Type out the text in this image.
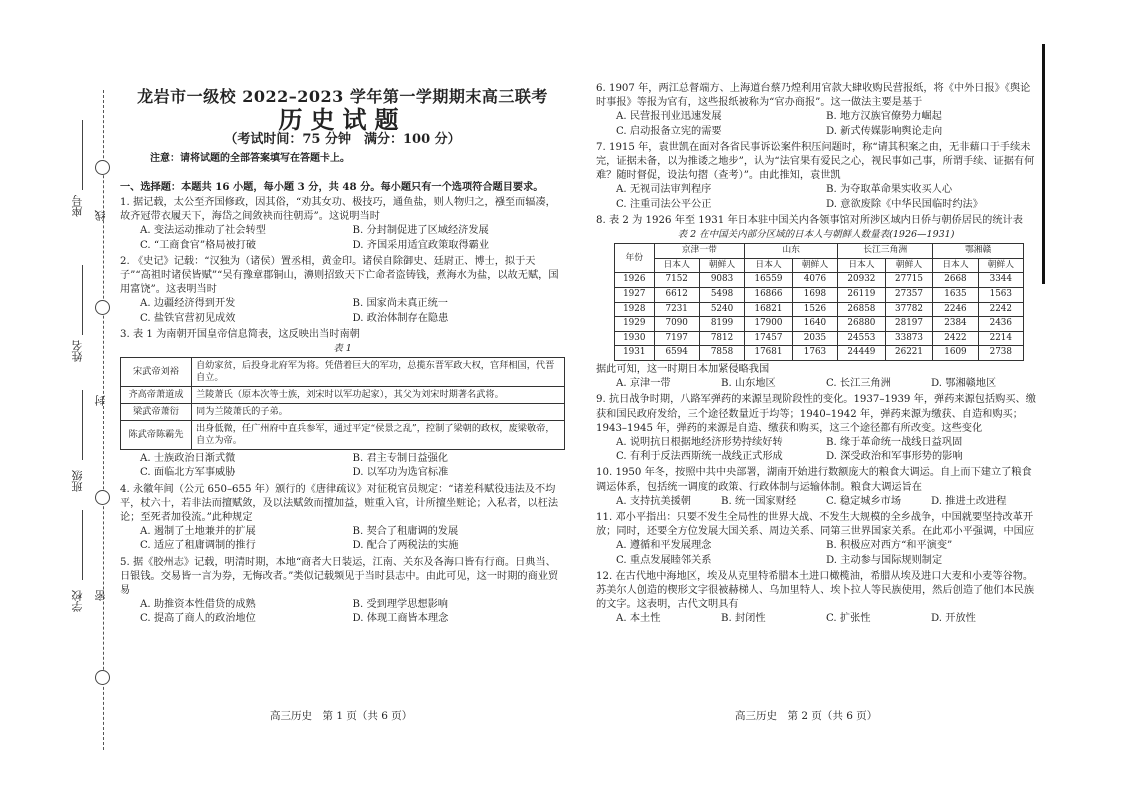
线
封
密
座号
姓名
班级
学校
龙岩市一级校 2022–2023 学年第一学期期末高三联考
历史试题
（考试时间：75 分钟　满分：100 分）
注意：请将试题的全部答案填写在答题卡上。
一、选择题：本题共 16 小题，每小题 3 分，共 48 分。每小题只有一个选项符合题目要求。
1. 据记载，太公至齐国修政，因其俗，“劝其女功、极技巧，通鱼盐，则人物归之，襁至而辐凑，故齐冠带衣履天下，海岱之间敛袂而往朝焉”。这说明当时
A. 变法运动推动了社会转型	B. 分封制促进了区域经济发展
C. “工商食官”格局被打破	D. 齐国采用适宜政策取得霸业
2. 《史记》记载：“汉独为（诸侯）置丞相，黄金印。诸侯自除御史、廷尉正、博士，拟于天子”“高祖时诸侯皆赋”“吴有豫章郡铜山，濞则招致天下亡命者盗铸钱，煮海水为盐，以故无赋，国用富饶”。这表明当时
A. 边疆经济得到开发	B. 国家尚未真正统一
C. 盐铁官营初见成效	D. 政治体制存在隐患
3. 表 1 为南朝开国皇帝信息简表，这反映出当时南朝
表 1
宋武帝刘裕	自幼家贫，后投身北府军为将。凭借着巨大的军功，总揽东晋军政大权，官拜相国，代晋自立。
齐高帝萧道成	兰陵萧氏（原本次等士族，刘宋时以军功起家），其父为刘宋时期著名武将。
梁武帝萧衍	同为兰陵萧氏的子弟。
陈武帝陈霸先	出身低微，任广州府中直兵参军，通过平定“侯景之乱”，控制了梁朝的政权，废梁敬帝，自立为帝。
A. 士族政治日渐式微	B. 君主专制日益强化
C. 面临北方军事威胁	D. 以军功为选官标准
4. 永徽年间（公元 650–655 年）颁行的《唐律疏议》对征税官员规定：“诸差科赋役违法及不均平，杖六十，若非法而擅赋敛，及以法赋敛而擅加益，赃重入官，计所擅坐赃论；入私者，以枉法论；至死者加役流。”此种规定
A. 遏制了土地兼并的扩展	B. 契合了租庸调的发展
C. 适应了租庸调制的推行	D. 配合了两税法的实施
5. 据《胶州志》记载，明清时期，本地“商者大日装运，江南、关东及各海口皆有行商。日典当、日银钱。交易皆一言为券，无悔改者。”类似记载频见于当时县志中。由此可见，这一时期的商业贸易
A. 助推资本性借贷的成熟	B. 受到理学思想影响
C. 提高了商人的政治地位	D. 体现工商皆本理念
6. 1907 年，两江总督端方、上海道台蔡乃煌利用官款大肆收购民营报纸，将《中外日报》《舆论时事报》等报为官有，这些报纸被称为“官办商报”。这一做法主要是基于
A. 民营报刊业迅速发展	B. 地方汉族官僚势力崛起
C. 启动报备立宪的需要	D. 新式传媒影响舆论走向
7. 1915 年，袁世凯在面对各省民事诉讼案件积压问题时，称“请其积案之由，无非藉口于手续未完，证据未备，以为推诿之地步”，认为“法官果有爱民之心，视民事如己事，所谓手续、证据有何难？随时督促，设法句摺（查考）”。由此推知，袁世凯
A. 无视司法审判程序	B. 为夺取革命果实收买人心
C. 注重司法公平公正	D. 意欲废除《中华民国临时约法》
8. 表 2 为 1926 年至 1931 年日本驻中国关内各领事馆对所涉区域内日侨与朝侨居民的统计表
表 2 在中国关内部分区域的日本人与朝鲜人数量表(1926—1931)
年份	京津一带		山东		长江三角洲		鄂湘赣	
	日本人	朝鲜人	日本人	朝鲜人	日本人	朝鲜人	日本人	朝鲜人
1926	7152	9083	16559	4076	20932	27715	2668	3344
1927	6612	5498	16866	1698	26119	27357	1635	1563
1928	7231	5240	16821	1526	26858	37782	2246	2242
1929	7090	8199	17900	1640	26880	28197	2384	2436
1930	7197	7812	17457	2035	24553	33873	2422	2214
1931	6594	7858	17681	1763	24449	26221	1609	2738
据此可知，这一时期日本加紧侵略我国
A. 京津一带	B. 山东地区	C. 长江三角洲	D. 鄂湘赣地区
9. 抗日战争时期，八路军弹药的来源呈现阶段性的变化。1937–1939 年，弹药来源包括购买、缴获和国民政府发给，三个途径数量近于均等；1940–1942 年，弹药来源为缴获、自造和购买；1943–1945 年，弹药的来源是自造、缴获和购买，这三个途径都有所改变。这些变化
A. 说明抗日根据地经济形势持续好转	B. 缘于革命统一战线日益巩固
C. 有利于反法西斯统一战线正式形成	D. 深受政治和军事形势的影响
10. 1950 年冬，按照中共中央部署，湖南开始进行数额庞大的粮食大调运。自上而下建立了粮食调运体系，包括统一调度的政策、行政体制与运输体制。粮食大调运旨在
A. 支持抗美援朝	B. 统一国家财经	C. 稳定城乡市场	D. 推进土改进程
11. 邓小平指出：只要不发生全局性的世界大战、不发生大规模的全乡战争，中国就要坚持改革开放；同时，还要全方位发展大国关系、周边关系、同第三世界国家关系。在此邓小平强调，中国应
A. 遵循和平发展理念	B. 积极应对西方“和平演变”
C. 重点发展睦邻关系	D. 主动参与国际规则制定
12. 在古代地中海地区，埃及从克里特希腊本土进口橄榄油，希腊从埃及进口大麦和小麦等谷物。苏美尔人创造的楔形文字很被赫梯人、乌加里特人、埃卜拉人等民族使用，然后创造了他们本民族的文字。这表明，古代文明具有
A. 本土性	B. 封闭性	C. 扩张性	D. 开放性
高三历史　第 1 页（共 6 页）	高三历史　第 2 页（共 6 页）
